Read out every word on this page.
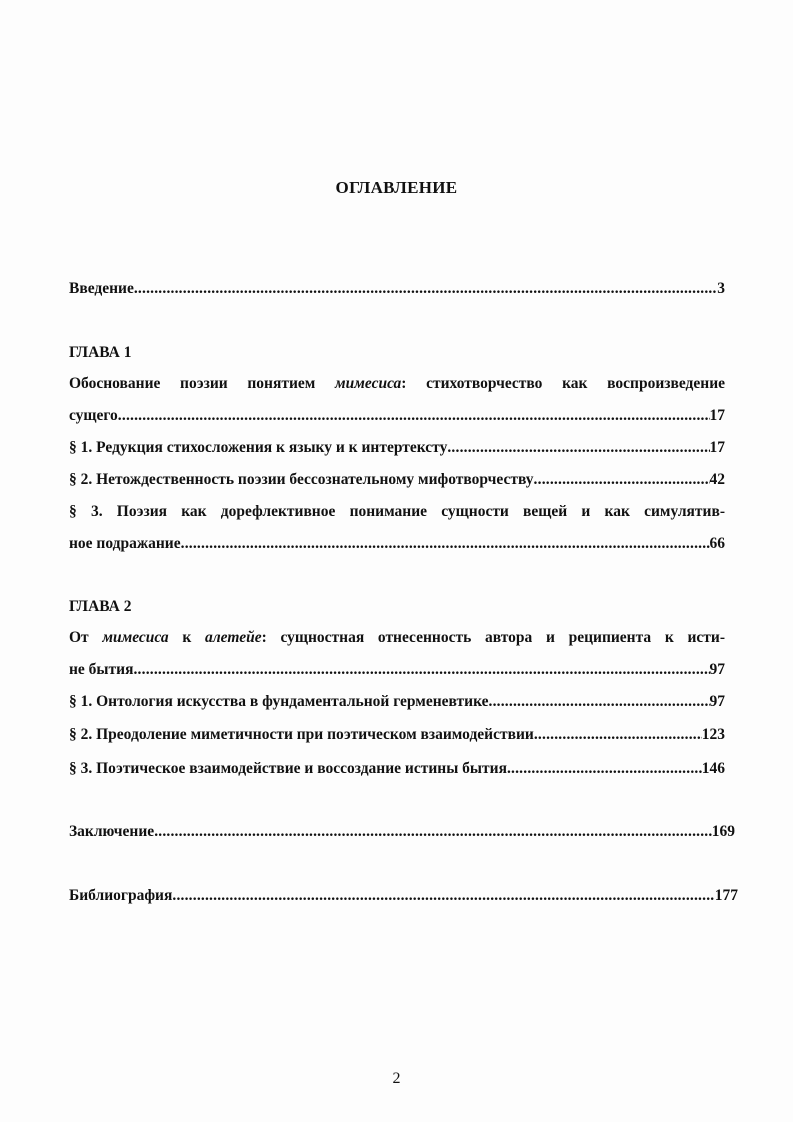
ОГЛАВЛЕНИЕ
Введение .....	3
ГЛАВА 1
Обоснование поэзии понятием мимесиса: стихотворчество как воспроизведение
сущего .....	17
§ 1. Редукция стихосложения к языку и к интертексту .....	17
§ 2. Нетождественность поэзии бессознательному мифотворчеству .....	42
§ 3. Поэзия как дорефлективное понимание сущности вещей и как симулятив-
ное подражание .....	66
ГЛАВА 2
От мимесиса к алетейе: сущностная отнесенность автора и реципиента к исти-
не бытия .....	97
§ 1. Онтология искусства в фундаментальной герменевтике .....	97
§ 2. Преодоление миметичности при поэтическом взаимодействии .....	123
§ 3. Поэтическое взаимодействие и воссоздание истины бытия .....	146
Заключение .....	169
Библиография .....	177
2
